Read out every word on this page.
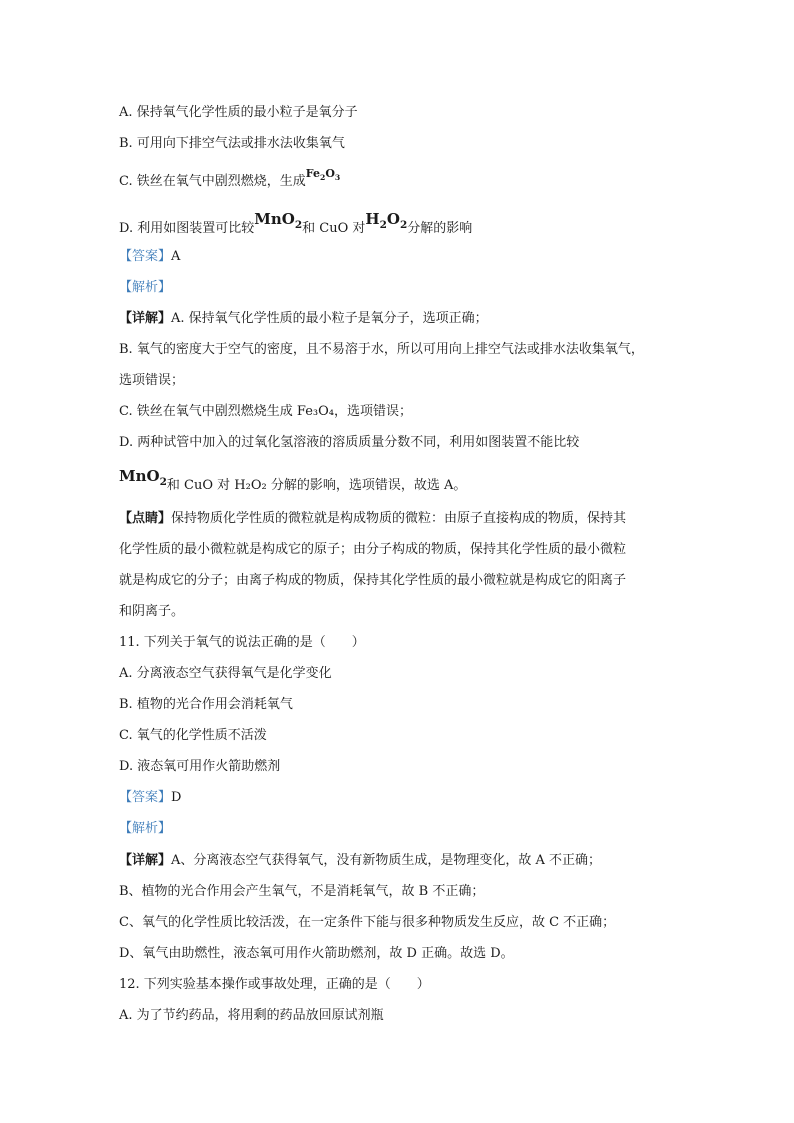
A. 保持氧气化学性质的最小粒子是氧分子
B. 可用向下排空气法或排水法收集氧气
C. 铁丝在氧气中剧烈燃烧，生成$^{Fe_2O_3}$
D. 利用如图装置可比较MnO$_2$和 CuO 对$H_2O_2$分解的影响
【答案】A
【解析】
【详解】A. 保持氧气化学性质的最小粒子是氧分子，选项正确；
B. 氧气的密度大于空气的密度，且不易溶于水，所以可用向上排空气法或排水法收集氧气，
选项错误；
C. 铁丝在氧气中剧烈燃烧生成 Fe₃O₄，选项错误；
D. 两种试管中加入的过氧化氢溶液的溶质质量分数不同，利用如图装置不能比较
MnO$_2$和 CuO 对 H₂O₂ 分解的影响，选项错误，故选 A。
【点睛】保持物质化学性质的微粒就是构成物质的微粒：由原子直接构成的物质，保持其
化学性质的最小微粒就是构成它的原子；由分子构成的物质，保持其化学性质的最小微粒
就是构成它的分子；由离子构成的物质，保持其化学性质的最小微粒就是构成它的阳离子
和阴离子。
11. 下列关于氧气的说法正确的是（　　）
A. 分离液态空气获得氧气是化学变化
B. 植物的光合作用会消耗氧气
C. 氧气的化学性质不活泼
D. 液态氧可用作火箭助燃剂
【答案】D
【解析】
【详解】A、分离液态空气获得氧气，没有新物质生成，是物理变化，故 A 不正确；
B、植物的光合作用会产生氧气，不是消耗氧气，故 B 不正确；
C、氧气的化学性质比较活泼，在一定条件下能与很多种物质发生反应，故 C 不正确；
D、氧气由助燃性，液态氧可用作火箭助燃剂，故 D 正确。故选 D。
12. 下列实验基本操作或事故处理，正确的是（　　）
A. 为了节约药品，将用剩的药品放回原试剂瓶
